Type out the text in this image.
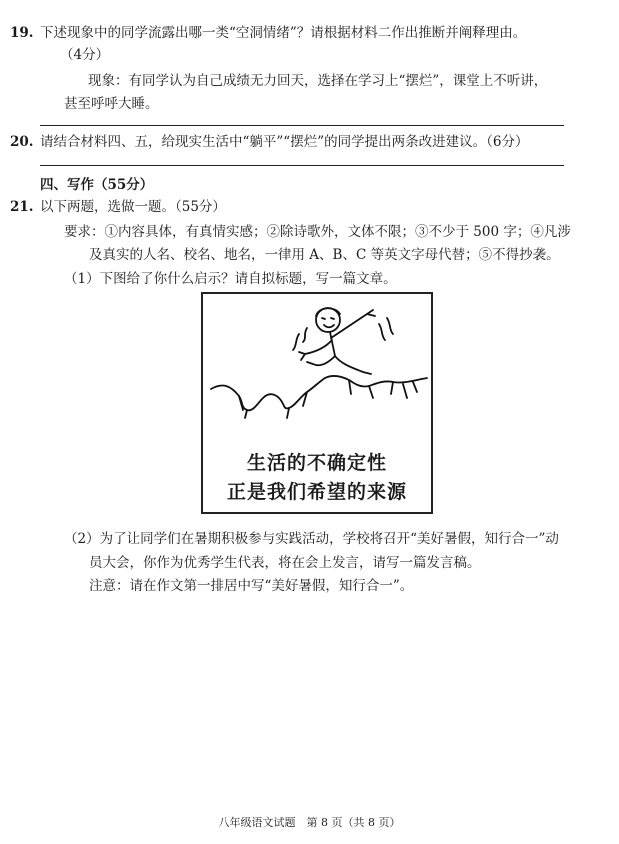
19. 下述现象中的同学流露出哪一类“空洞情绪”？请根据材料二作出推断并阐释理由。
（4分）
现象：有同学认为自己成绩无力回天，选择在学习上“摆烂”，课堂上不听讲，
甚至呼呼大睡。
20. 请结合材料四、五，给现实生活中“躺平”“摆烂”的同学提出两条改进建议。（6分）
四、写作（55分）
21. 以下两题，选做一题。（55分）
要求：①内容具体，有真情实感；②除诗歌外，文体不限；③不少于 500 字；④凡涉
及真实的人名、校名、地名，一律用 A、B、C 等英文字母代替；⑤不得抄袭。
（1）下图给了你什么启示？请自拟标题，写一篇文章。
生活的不确定性
正是我们希望的来源
（2）为了让同学们在暑期积极参与实践活动，学校将召开“美好暑假，知行合一”动
员大会，你作为优秀学生代表，将在会上发言，请写一篇发言稿。
注意：请在作文第一排居中写“美好暑假，知行合一”。
八年级语文试题　第 8 页（共 8 页）
